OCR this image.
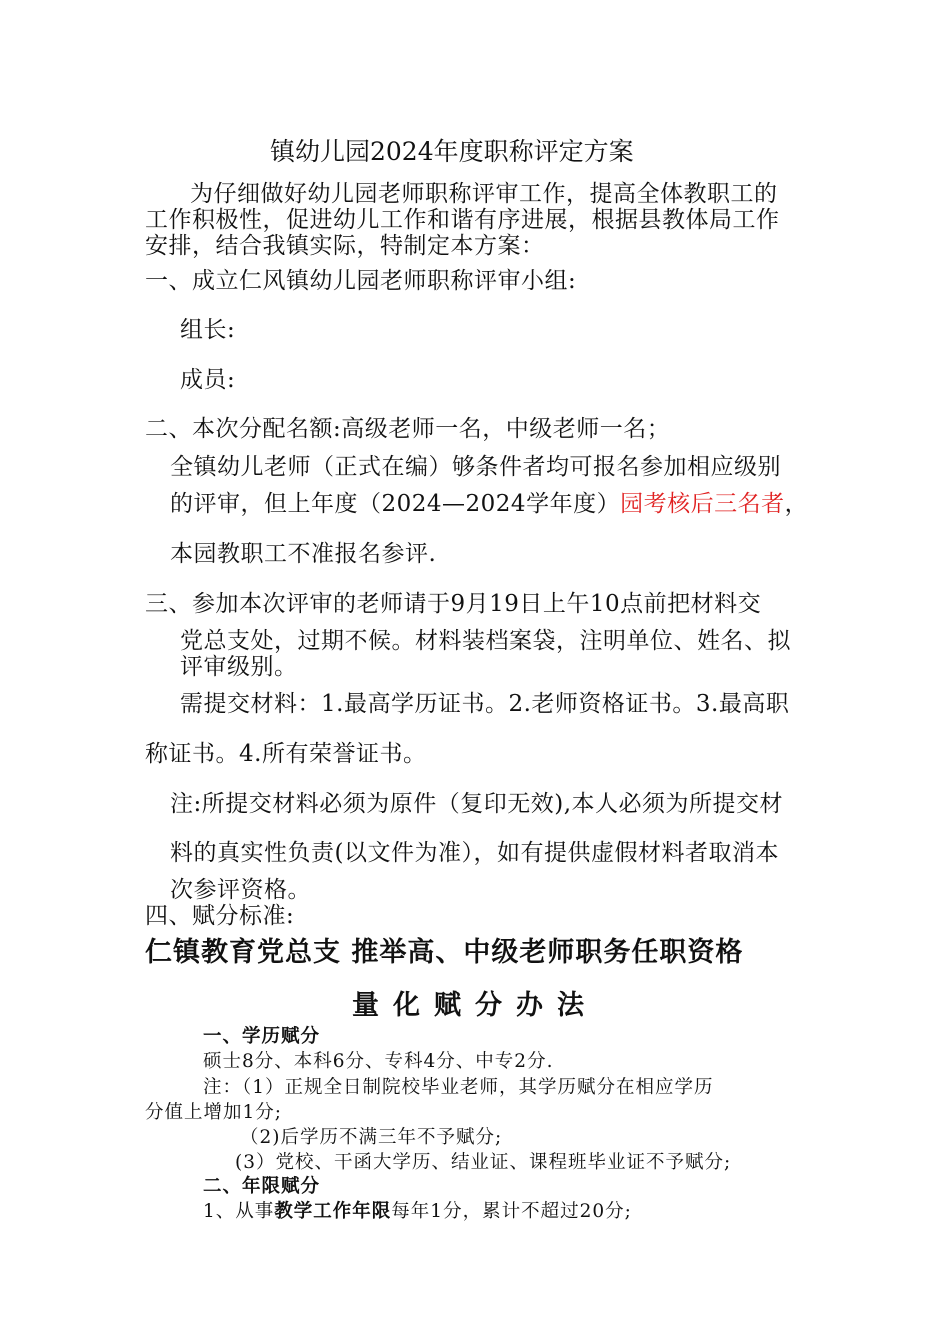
镇幼儿园2024年度职称评定方案
为仔细做好幼儿园老师职称评审工作，提高全体教职工的
工作积极性，促进幼儿工作和谐有序进展，根据县教体局工作
安排，结合我镇实际，特制定本方案：
一、成立仁风镇幼儿园老师职称评审小组:
组长:
成员:
二、本次分配名额:高级老师一名，中级老师一名；
全镇幼儿老师（正式在编）够条件者均可报名参加相应级别
的评审，但上年度（2024—2024学年度）园考核后三名者，
本园教职工不准报名参评.
三、参加本次评审的老师请于9月19日上午10点前把材料交
党总支处，过期不候。材料装档案袋，注明单位、姓名、拟
评审级别。
需提交材料：1.最高学历证书。2.老师资格证书。3.最高职
称证书。4.所有荣誉证书。
注:所提交材料必须为原件（复印无效),本人必须为所提交材
料的真实性负责(以文件为准），如有提供虚假材料者取消本
次参评资格。
四、赋分标准:
仁镇教育党总支 推举高、中级老师职务任职资格
量化赋分办法
一、学历赋分
硕士8分、本科6分、专科4分、中专2分.
注：（1）正规全日制院校毕业老师，其学历赋分在相应学历
分值上增加1分;
（2)后学历不满三年不予赋分;
(3）党校、干函大学历、结业证、课程班毕业证不予赋分;
二、年限赋分
1、从事教学工作年限每年1分，累计不超过20分;
